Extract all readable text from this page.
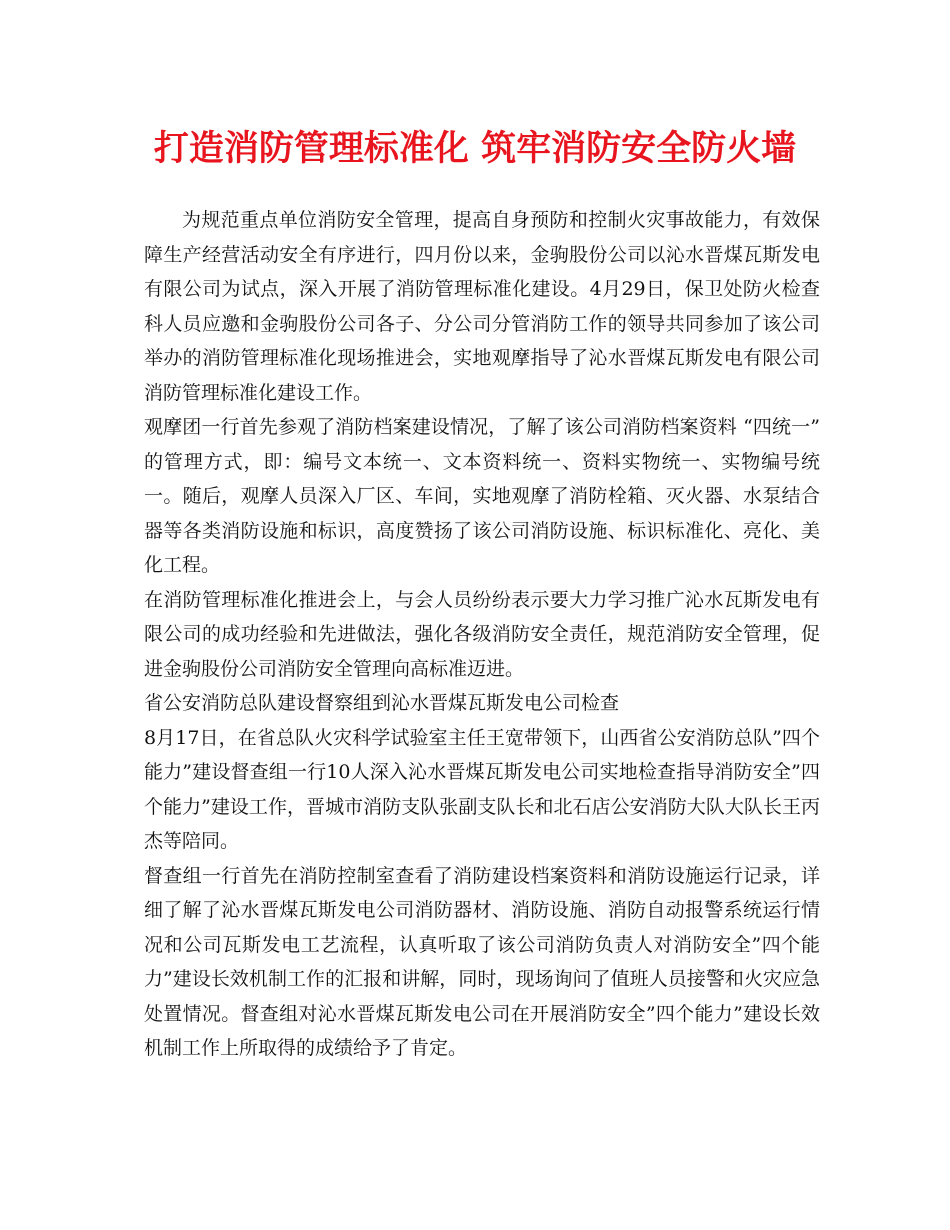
打造消防管理标准化 筑牢消防安全防火墙

为规范重点单位消防安全管理，提高自身预防和控制火灾事故能力，有效保障生产经营活动安全有序进行，四月份以来，金驹股份公司以沁水晋煤瓦斯发电有限公司为试点，深入开展了消防管理标准化建设。4月29日，保卫处防火检查科人员应邀和金驹股份公司各子、分公司分管消防工作的领导共同参加了该公司举办的消防管理标准化现场推进会，实地观摩指导了沁水晋煤瓦斯发电有限公司消防管理标准化建设工作。

观摩团一行首先参观了消防档案建设情况，了解了该公司消防档案资料 “四统一” 的管理方式，即：编号文本统一、文本资料统一、资料实物统一、实物编号统一。随后，观摩人员深入厂区、车间，实地观摩了消防栓箱、灭火器、水泵结合器等各类消防设施和标识，高度赞扬了该公司消防设施、标识标准化、亮化、美化工程。

在消防管理标准化推进会上，与会人员纷纷表示要大力学习推广沁水瓦斯发电有限公司的成功经验和先进做法，强化各级消防安全责任，规范消防安全管理，促进金驹股份公司消防安全管理向高标准迈进。

省公安消防总队建设督察组到沁水晋煤瓦斯发电公司检查

8月17日，在省总队火灾科学试验室主任王宽带领下，山西省公安消防总队”四个能力”建设督查组一行10人深入沁水晋煤瓦斯发电公司实地检查指导消防安全”四个能力”建设工作，晋城市消防支队张副支队长和北石店公安消防大队大队长王丙杰等陪同。

督查组一行首先在消防控制室查看了消防建设档案资料和消防设施运行记录，详细了解了沁水晋煤瓦斯发电公司消防器材、消防设施、消防自动报警系统运行情况和公司瓦斯发电工艺流程，认真听取了该公司消防负责人对消防安全”四个能力”建设长效机制工作的汇报和讲解，同时，现场询问了值班人员接警和火灾应急处置情况。督查组对沁水晋煤瓦斯发电公司在开展消防安全”四个能力”建设长效机制工作上所取得的成绩给予了肯定。
